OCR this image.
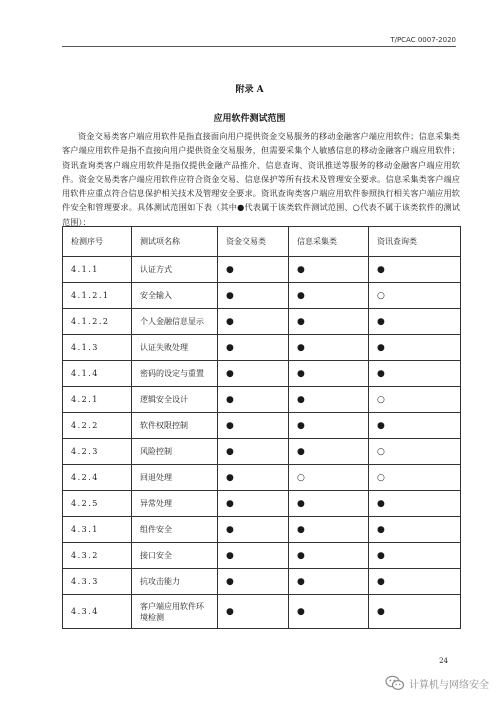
T/PCAC 0007-2020
附录 A
应用软件测试范围

资金交易类客户端应用软件是指直接面向用户提供资金交易服务的移动金融客户端应用软件；信息采集类客户端应用软件是指不直接向用户提供资金交易服务，但需要采集个人敏感信息的移动金融客户端应用软件；资讯查询类客户端应用软件是指仅提供金融产品推介、信息查询、资讯推送等服务的移动金融客户端应用软件。资金交易类客户端应用软件应符合资金交易、信息保护等所有技术及管理安全要求。信息采集类客户端应用软件应重点符合信息保护相关技术及管理安全要求。资讯查询类客户端应用软件参照执行相关客户端应用软件安全和管理要求。具体测试范围如下表（其中●代表属于该类软件测试范围、○代表不属于该类软件的测试范围）：

检测序号	测试项名称	资金交易类	信息采集类	资讯查询类
4.1.1	认证方式	●	●	●
4.1.2.1	安全输入	●	●	○
4.1.2.2	个人金融信息显示	●	●	●
4.1.3	认证失败处理	●	●	●
4.1.4	密码的设定与重置	●	●	●
4.2.1	逻辑安全设计	●	●	○
4.2.2	软件权限控制	●	●	●
4.2.3	风险控制	●	●	○
4.2.4	回退处理	●	○	○
4.2.5	异常处理	●	●	●
4.3.1	组件安全	●	●	●
4.3.2	接口安全	●	●	●
4.3.3	抗攻击能力	●	●	●
4.3.4	客户端应用软件环境检测	●	●	●
24
计算机与网络安全
